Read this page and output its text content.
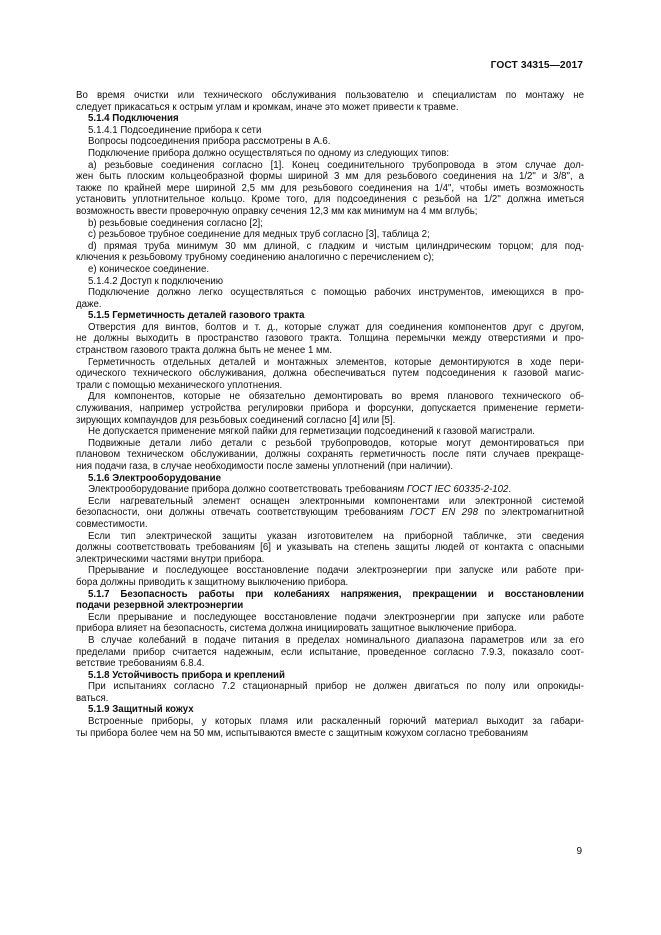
ГОСТ 34315—2017
Во время очистки или технического обслуживания пользователю и специалистам по монтажу не
следует прикасаться к острым углам и кромкам, иначе это может привести к травме.
5.1.4 Подключения
5.1.4.1 Подсоединение прибора к сети
Вопросы подсоединения прибора рассмотрены в А.6.
Подключение прибора должно осуществляться по одному из следующих типов:
а) резьбовые соединения согласно [1]. Конец соединительного трубопровода в этом случае дол-
жен быть плоским кольцеобразной формы шириной 3 мм для резьбового соединения на 1/2" и 3/8", а
также по крайней мере шириной 2,5 мм для резьбового соединения на 1/4", чтобы иметь возможность
установить уплотнительное кольцо. Кроме того, для подсоединения с резьбой на 1/2" должна иметься
возможность ввести проверочную оправку сечения 12,3 мм как минимум на 4 мм вглубь;
b) резьбовые соединения согласно [2];
c) резьбовое трубное соединение для медных труб согласно [3], таблица 2;
d) прямая труба минимум 30 мм длиной, с гладким и чистым цилиндрическим торцом; для под-
ключения к резьбовому трубному соединению аналогично с перечислением с);
e) коническое соединение.
5.1.4.2 Доступ к подключению
Подключение должно легко осуществляться с помощью рабочих инструментов, имеющихся в про-
даже.
5.1.5 Герметичность деталей газового тракта
Отверстия для винтов, болтов и т. д., которые служат для соединения компонентов друг с другом,
не должны выходить в пространство газового тракта. Толщина перемычки между отверстиями и про-
странством газового тракта должна быть не менее 1 мм.
Герметичность отдельных деталей и монтажных элементов, которые демонтируются в ходе пери-
одического технического обслуживания, должна обеспечиваться путем подсоединения к газовой магис-
трали с помощью механического уплотнения.
Для компонентов, которые не обязательно демонтировать во время планового технического об-
служивания, например устройства регулировки прибора и форсунки, допускается применение гермети-
зирующих компаундов для резьбовых соединений согласно [4] или [5].
Не допускается применение мягкой пайки для герметизации подсоединений к газовой магистрали.
Подвижные детали либо детали с резьбой трубопроводов, которые могут демонтироваться при
плановом техническом обслуживании, должны сохранять герметичность после пяти случаев прекраще-
ния подачи газа, в случае необходимости после замены уплотнений (при наличии).
5.1.6 Электрооборудование
Электрооборудование прибора должно соответствовать требованиям ГОСТ IEC 60335-2-102.
Если нагревательный элемент оснащен электронными компонентами или электронной системой
безопасности, они должны отвечать соответствующим требованиям ГОСТ EN 298 по электромагнитной
совместимости.
Если тип электрической защиты указан изготовителем на приборной табличке, эти сведения
должны соответствовать требованиям [6] и указывать на степень защиты людей от контакта с опасными
электрическими частями внутри прибора.
Прерывание и последующее восстановление подачи электроэнергии при запуске или работе при-
бора должны приводить к защитному выключению прибора.
5.1.7 Безопасность работы при колебаниях напряжения, прекращении и восстановлении
подачи резервной электроэнергии
Если прерывание и последующее восстановление подачи электроэнергии при запуске или работе
прибора влияет на безопасность, система должна инициировать защитное выключение прибора.
В случае колебаний в подаче питания в пределах номинального диапазона параметров или за его
пределами прибор считается надежным, если испытание, проведенное согласно 7.9.3, показало соот-
ветствие требованиям 6.8.4.
5.1.8 Устойчивость прибора и креплений
При испытаниях согласно 7.2 стационарный прибор не должен двигаться по полу или опрокиды-
ваться.
5.1.9 Защитный кожух
Встроенные приборы, у которых пламя или раскаленный горючий материал выходит за габари-
ты прибора более чем на 50 мм, испытываются вместе с защитным кожухом согласно требованиям
9
